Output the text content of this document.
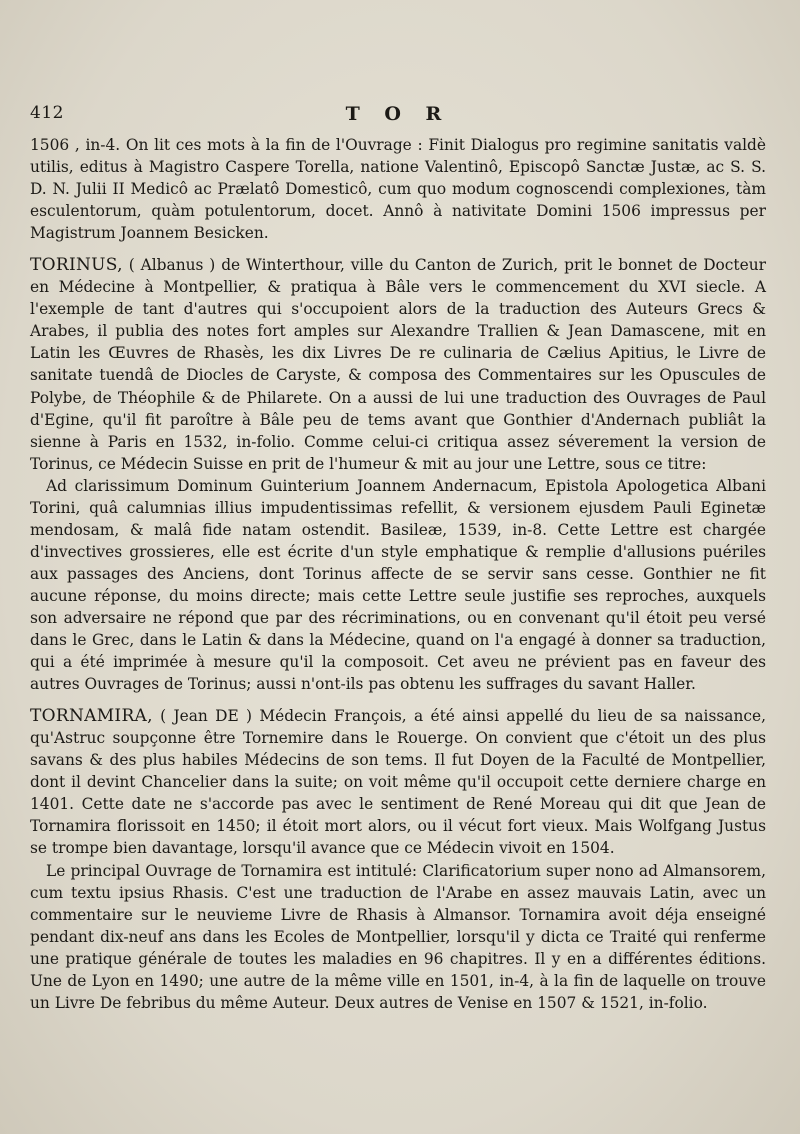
412	T O R

1506 , in-4. On lit ces mots à la fin de l'Ouvrage : Finit Dialogus pro regimine sanitatis valdè utilis, editus à Magistro Caspere Torella, natione Valentinô, Episcopô Sanctæ Justæ, ac S. S. D. N. Julii II Medicô ac Prælatô Domesticô, cum quo modum cognoscendi complexiones, tàm esculentorum, quàm potulentorum, docet. Annô à nativitate Domini 1506 impressus per Magistrum Joannem Besicken.

TORINUS, ( Albanus ) de Winterthour, ville du Canton de Zurich, prit le bonnet de Docteur en Médecine à Montpellier, & pratiqua à Bâle vers le commencement du XVI siecle. A l'exemple de tant d'autres qui s'occupoient alors de la traduction des Auteurs Grecs & Arabes, il publia des notes fort amples sur Alexandre Trallien & Jean Damascene, mit en Latin les Œuvres de Rhasès, les dix Livres De re culinaria de Cælius Apitius, le Livre de sanitate tuendâ de Diocles de Caryste, & composa des Commentaires sur les Opuscules de Polybe, de Théophile & de Philarete. On a aussi de lui une traduction des Ouvrages de Paul d'Egine, qu'il fit paroître à Bâle peu de tems avant que Gonthier d'Andernach publiât la sienne à Paris en 1532, in-folio. Comme celui-ci critiqua assez séverement la version de Torinus, ce Médecin Suisse en prit de l'humeur & mit au jour une Lettre, sous ce titre:

Ad clarissimum Dominum Guinterium Joannem Andernacum, Epistola Apologetica Albani Torini, quâ calumnias illius impudentissimas refellit, & versionem ejusdem Pauli Eginetæ mendosam, & malâ fide natam ostendit. Basileæ, 1539, in-8. Cette Lettre est chargée d'invectives grossieres, elle est écrite d'un style emphatique & remplie d'allusions puériles aux passages des Anciens, dont Torinus affecte de se servir sans cesse. Gonthier ne fit aucune réponse, du moins directe; mais cette Lettre seule justifie ses reproches, auxquels son adversaire ne répond que par des récriminations, ou en convenant qu'il étoit peu versé dans le Grec, dans le Latin & dans la Médecine, quand on l'a engagé à donner sa traduction, qui a été imprimée à mesure qu'il la composoit. Cet aveu ne prévient pas en faveur des autres Ouvrages de Torinus; aussi n'ont-ils pas obtenu les suffrages du savant Haller.

TORNAMIRA, ( Jean DE ) Médecin François, a été ainsi appellé du lieu de sa naissance, qu'Astruc soupçonne être Tornemire dans le Rouerge. On convient que c'étoit un des plus savans & des plus habiles Médecins de son tems. Il fut Doyen de la Faculté de Montpellier, dont il devint Chancelier dans la suite; on voit même qu'il occupoit cette derniere charge en 1401. Cette date ne s'accorde pas avec le sentiment de René Moreau qui dit que Jean de Tornamira florissoit en 1450; il étoit mort alors, ou il vécut fort vieux. Mais Wolfgang Justus se trompe bien davantage, lorsqu'il avance que ce Médecin vivoit en 1504.

Le principal Ouvrage de Tornamira est intitulé: Clarificatorium super nono ad Almansorem, cum textu ipsius Rhasis. C'est une traduction de l'Arabe en assez mauvais Latin, avec un commentaire sur le neuvieme Livre de Rhasis à Almansor. Tornamira avoit déja enseigné pendant dix-neuf ans dans les Ecoles de Montpellier, lorsqu'il y dicta ce Traité qui renferme une pratique générale de toutes les maladies en 96 chapitres. Il y en a différentes éditions. Une de Lyon en 1490; une autre de la même ville en 1501, in-4, à la fin de laquelle on trouve un Livre De febribus du même Auteur. Deux autres de Venise en 1507 & 1521, in-folio.
